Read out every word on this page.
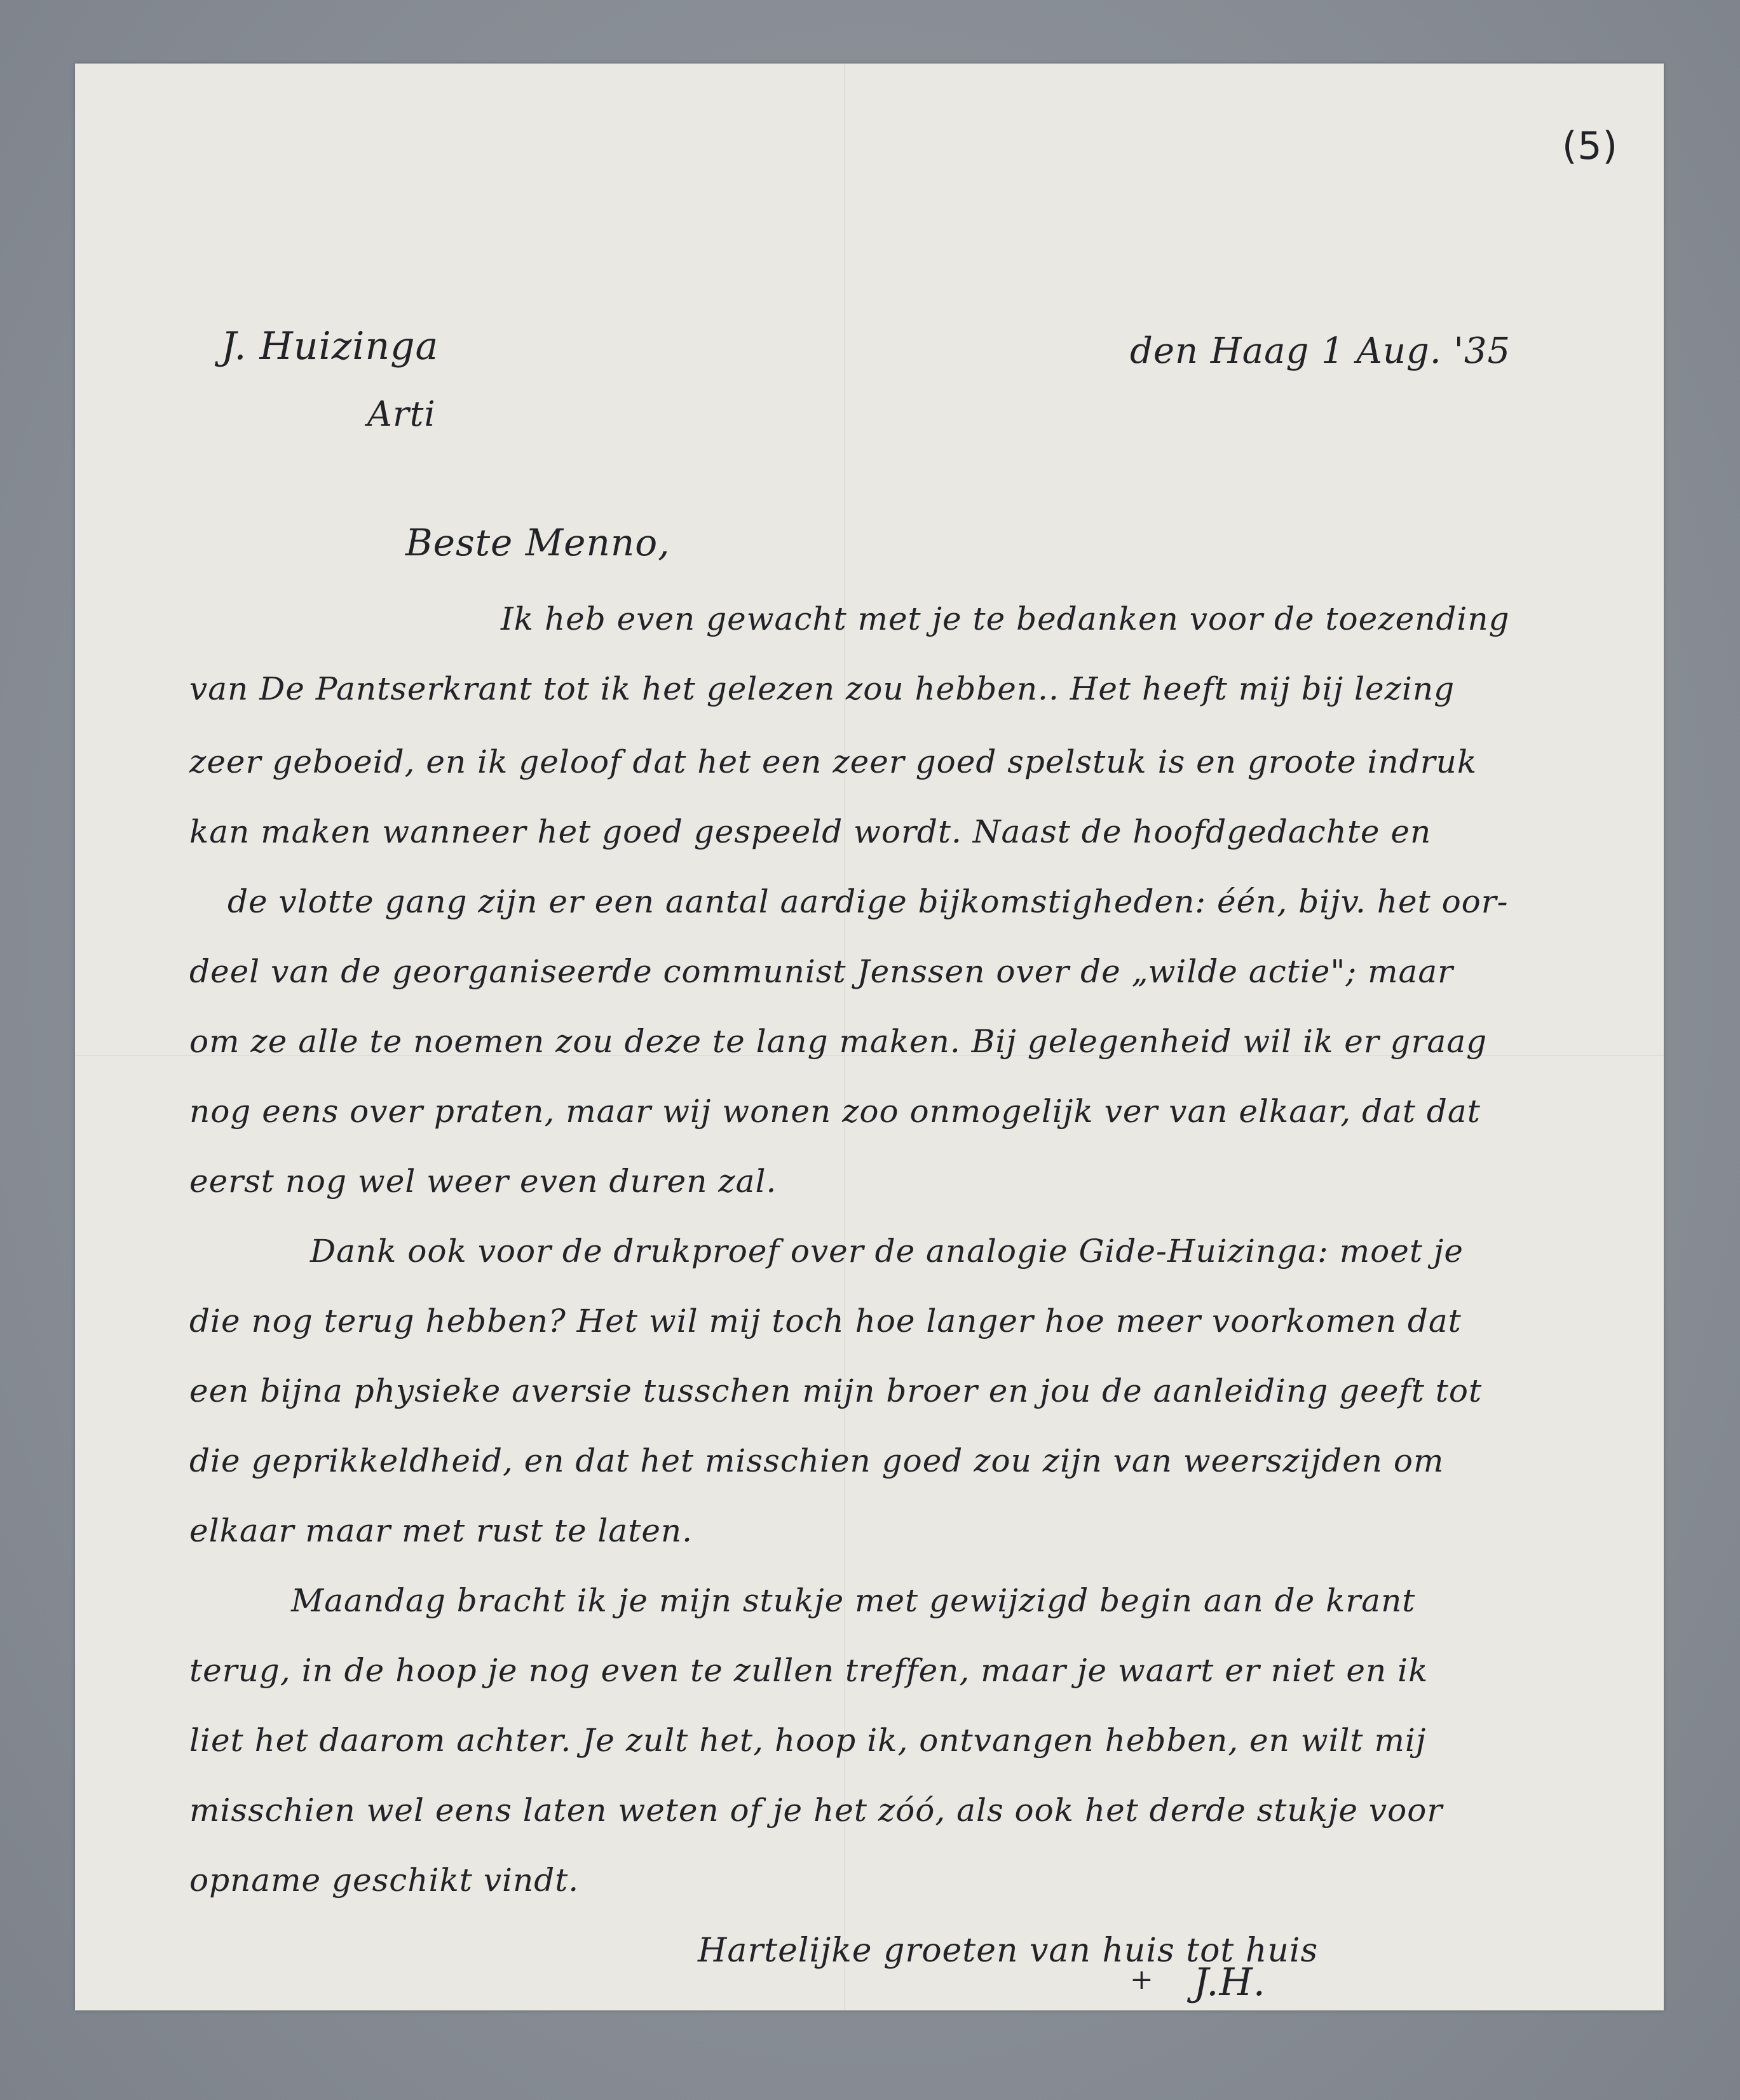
(5)
J. Huizinga
Arti
den Haag 1 Aug. '35
Beste Menno,
Ik heb even gewacht met je te bedanken voor de toezending
van De Pantserkrant tot ik het gelezen zou hebben.. Het heeft mij bij lezing
zeer geboeid, en ik geloof dat het een zeer goed spelstuk is en groote indruk
kan maken wanneer het goed gespeeld wordt. Naast de hoofdgedachte en
de vlotte gang zijn er een aantal aardige bijkomstigheden: één, bijv. het oor-
deel van de georganiseerde communist Jenssen over de „wilde actie"; maar
om ze alle te noemen zou deze te lang maken. Bij gelegenheid wil ik er graag
nog eens over praten, maar wij wonen zoo onmogelijk ver van elkaar, dat dat
eerst nog wel weer even duren zal.
Dank ook voor de drukproef over de analogie Gide-Huizinga: moet je
die nog terug hebben? Het wil mij toch hoe langer hoe meer voorkomen dat
een bijna physieke aversie tusschen mijn broer en jou de aanleiding geeft tot
die geprikkeldheid, en dat het misschien goed zou zijn van weerszijden om
elkaar maar met rust te laten.
Maandag bracht ik je mijn stukje met gewijzigd begin aan de krant
terug, in de hoop je nog even te zullen treffen, maar je waart er niet en ik
liet het daarom achter. Je zult het, hoop ik, ontvangen hebben, en wilt mij
misschien wel eens laten weten of je het zóó, als ook het derde stukje voor
opname geschikt vindt.
Hartelijke groeten van huis tot huis
+ J.H.
